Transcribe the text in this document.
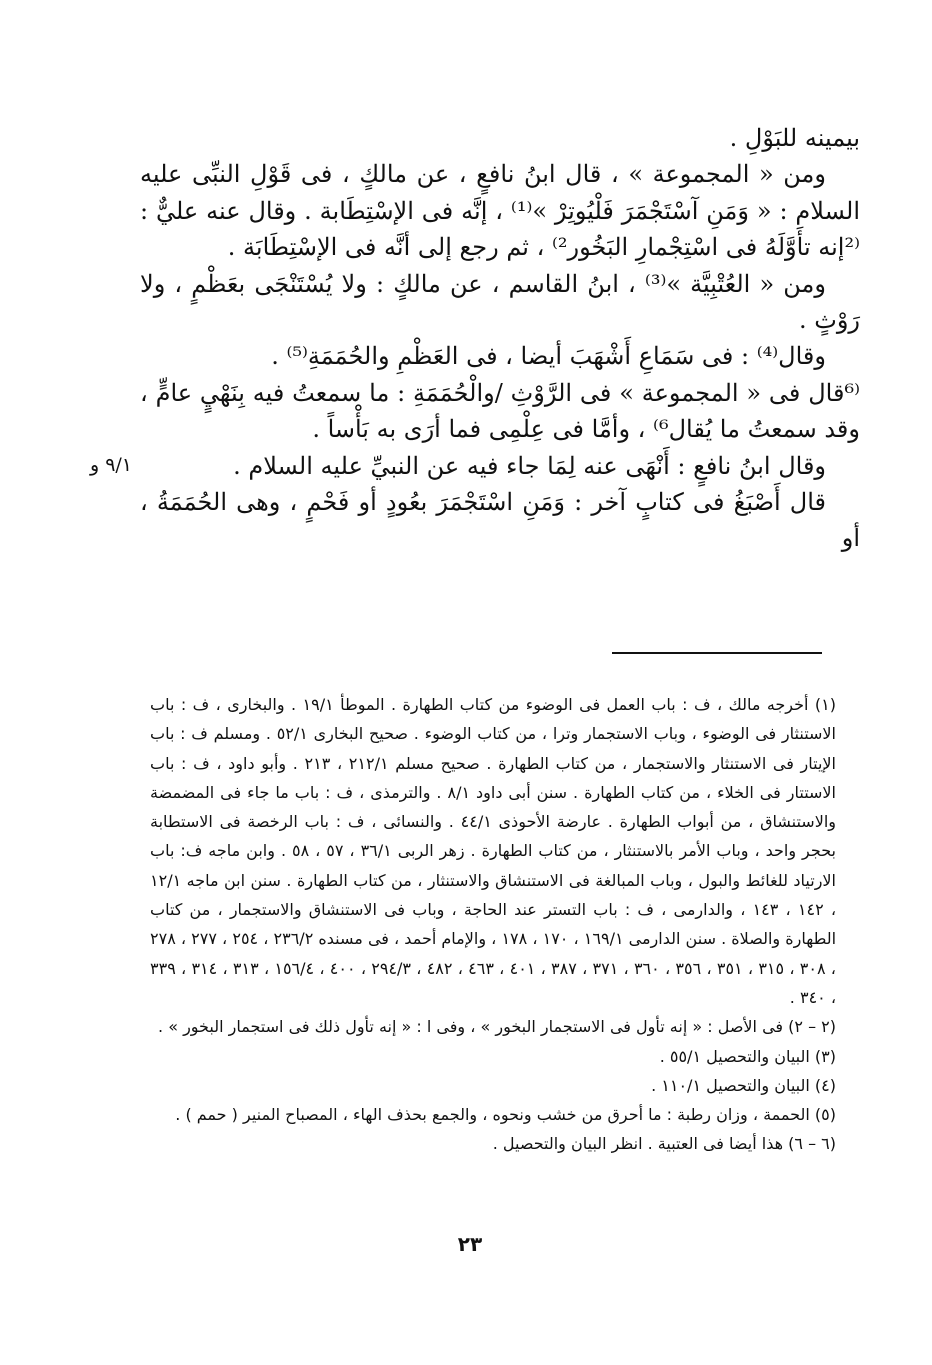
بيمينه للبَوْلِ .

ومن « المجموعة » ، قال ابنُ نافعٍ ، عن مالكٍ ، فى قَوْلِ النبِّى عليه السلام : « وَمَنِ آسْتَجْمَرَ فَلْيُوتِرْ »⁽¹⁾ ، إنَّه فى الإسْتِطَابة . وقال عنه عليٌّ : ⁽²إنه تأَوَّلَهُ فى اسْتِجْمارِ البَخُور²⁾ ، ثم رجع إلى أنَّه فى الإسْتِطَابَة .

ومن « العُتْبِيَّة »⁽³⁾ ، ابنُ القاسم ، عن مالكٍ : ولا يُسْتَنْجَى بعَظْمٍ ، ولا رَوْثٍ .

وقال⁽⁴⁾ : فى سَمَاعِ أَشْهَبَ أيضا ، فى العَظْمِ والحُمَمَةِ⁽⁵⁾ .

⁽⁶قال فى « المجموعة » فى الرَّوْثِ /والْحُمَمَةِ : ما سمعتُ فيه بِنَهْيٍ عامٍّ ، وقد سمعتُ ما يُقال⁶⁾ ، وأمَّا فى عِلْمِى فما أرَى به بَأْساً .

وقال ابنُ نافعٍ : أَنْهَى عنه لِمَا جاء فيه عن النبيِّ عليه السلام .

قال أَصْبَغُ فى كتابٍ آخر : وَمَنِ اسْتَجْمَرَ بعُودٍ أو فَحْمٍ ، وهى الحُمَمَةُ ، أو

٩/١ و

(١) أخرجه مالك ، ف : باب العمل فى الوضوء من كتاب الطهارة . الموطأ ١٩/١ . والبخارى ، ف : باب الاستنثار فى الوضوء ، وباب الاستجمار وترا ، من كتاب الوضوء . صحيح البخارى ٥٢/١ . ومسلم ف : باب الإيتار فى الاستنثار والاستجمار ، من كتاب الطهارة . صحيح مسلم ٢١٢/١ ، ٢١٣ . وأبو داود ، ف : باب الاستتار فى الخلاء ، من كتاب الطهارة . سنن أبى داود ٨/١ . والترمذى ، ف : باب ما جاء فى المضمضة والاستنشاق ، من أبواب الطهارة . عارضة الأحوذى ٤٤/١ . والنسائى ، ف : باب الرخصة فى الاستطابة بحجر واحد ، وباب الأمر بالاستنثار ، من كتاب الطهارة . زهر الربى ٣٦/١ ، ٥٧ ، ٥٨ . وابن ماجه ف: باب الارتياد للغائط والبول ، وباب المبالغة فى الاستنشاق والاستنثار ، من كتاب الطهارة . سنن ابن ماجه ١٢/١ ، ١٤٢ ، ١٤٣ ، والدارمى ، ف : باب التستر عند الحاجة ، وباب فى الاستنشاق والاستجمار ، من كتاب الطهارة والصلاة . سنن الدارمى ١٦٩/١ ، ١٧٠ ، ١٧٨ ، والإمام أحمد ، فى مسنده ٢٣٦/٢ ، ٢٥٤ ، ٢٧٧ ، ٢٧٨ ، ٣٠٨ ، ٣١٥ ، ٣٥١ ، ٣٥٦ ، ٣٦٠ ، ٣٧١ ، ٣٨٧ ، ٤٠١ ، ٤٦٣ ، ٤٨٢ ، ٢٩٤/٣ ، ٤٠٠ ، ١٥٦/٤ ، ٣١٣ ، ٣١٤ ، ٣٣٩ ، ٣٤٠ .

(٢ – ٢) فى الأصل : « إنه تأول فى الاستجمار البخور » ، وفى ا : « إنه تأول ذلك فى استجمار البخور » .

(٣) البيان والتحصيل ٥٥/١ .

(٤) البيان والتحصيل ١١٠/١ .

(٥) الحممة ، وزان رطبة : ما أحرق من خشب ونحوه ، والجمع بحذف الهاء ، المصباح المنير ( حمم ) .

(٦ – ٦) هذا أيضا فى العتبية . انظر البيان والتحصيل .

٢٣
